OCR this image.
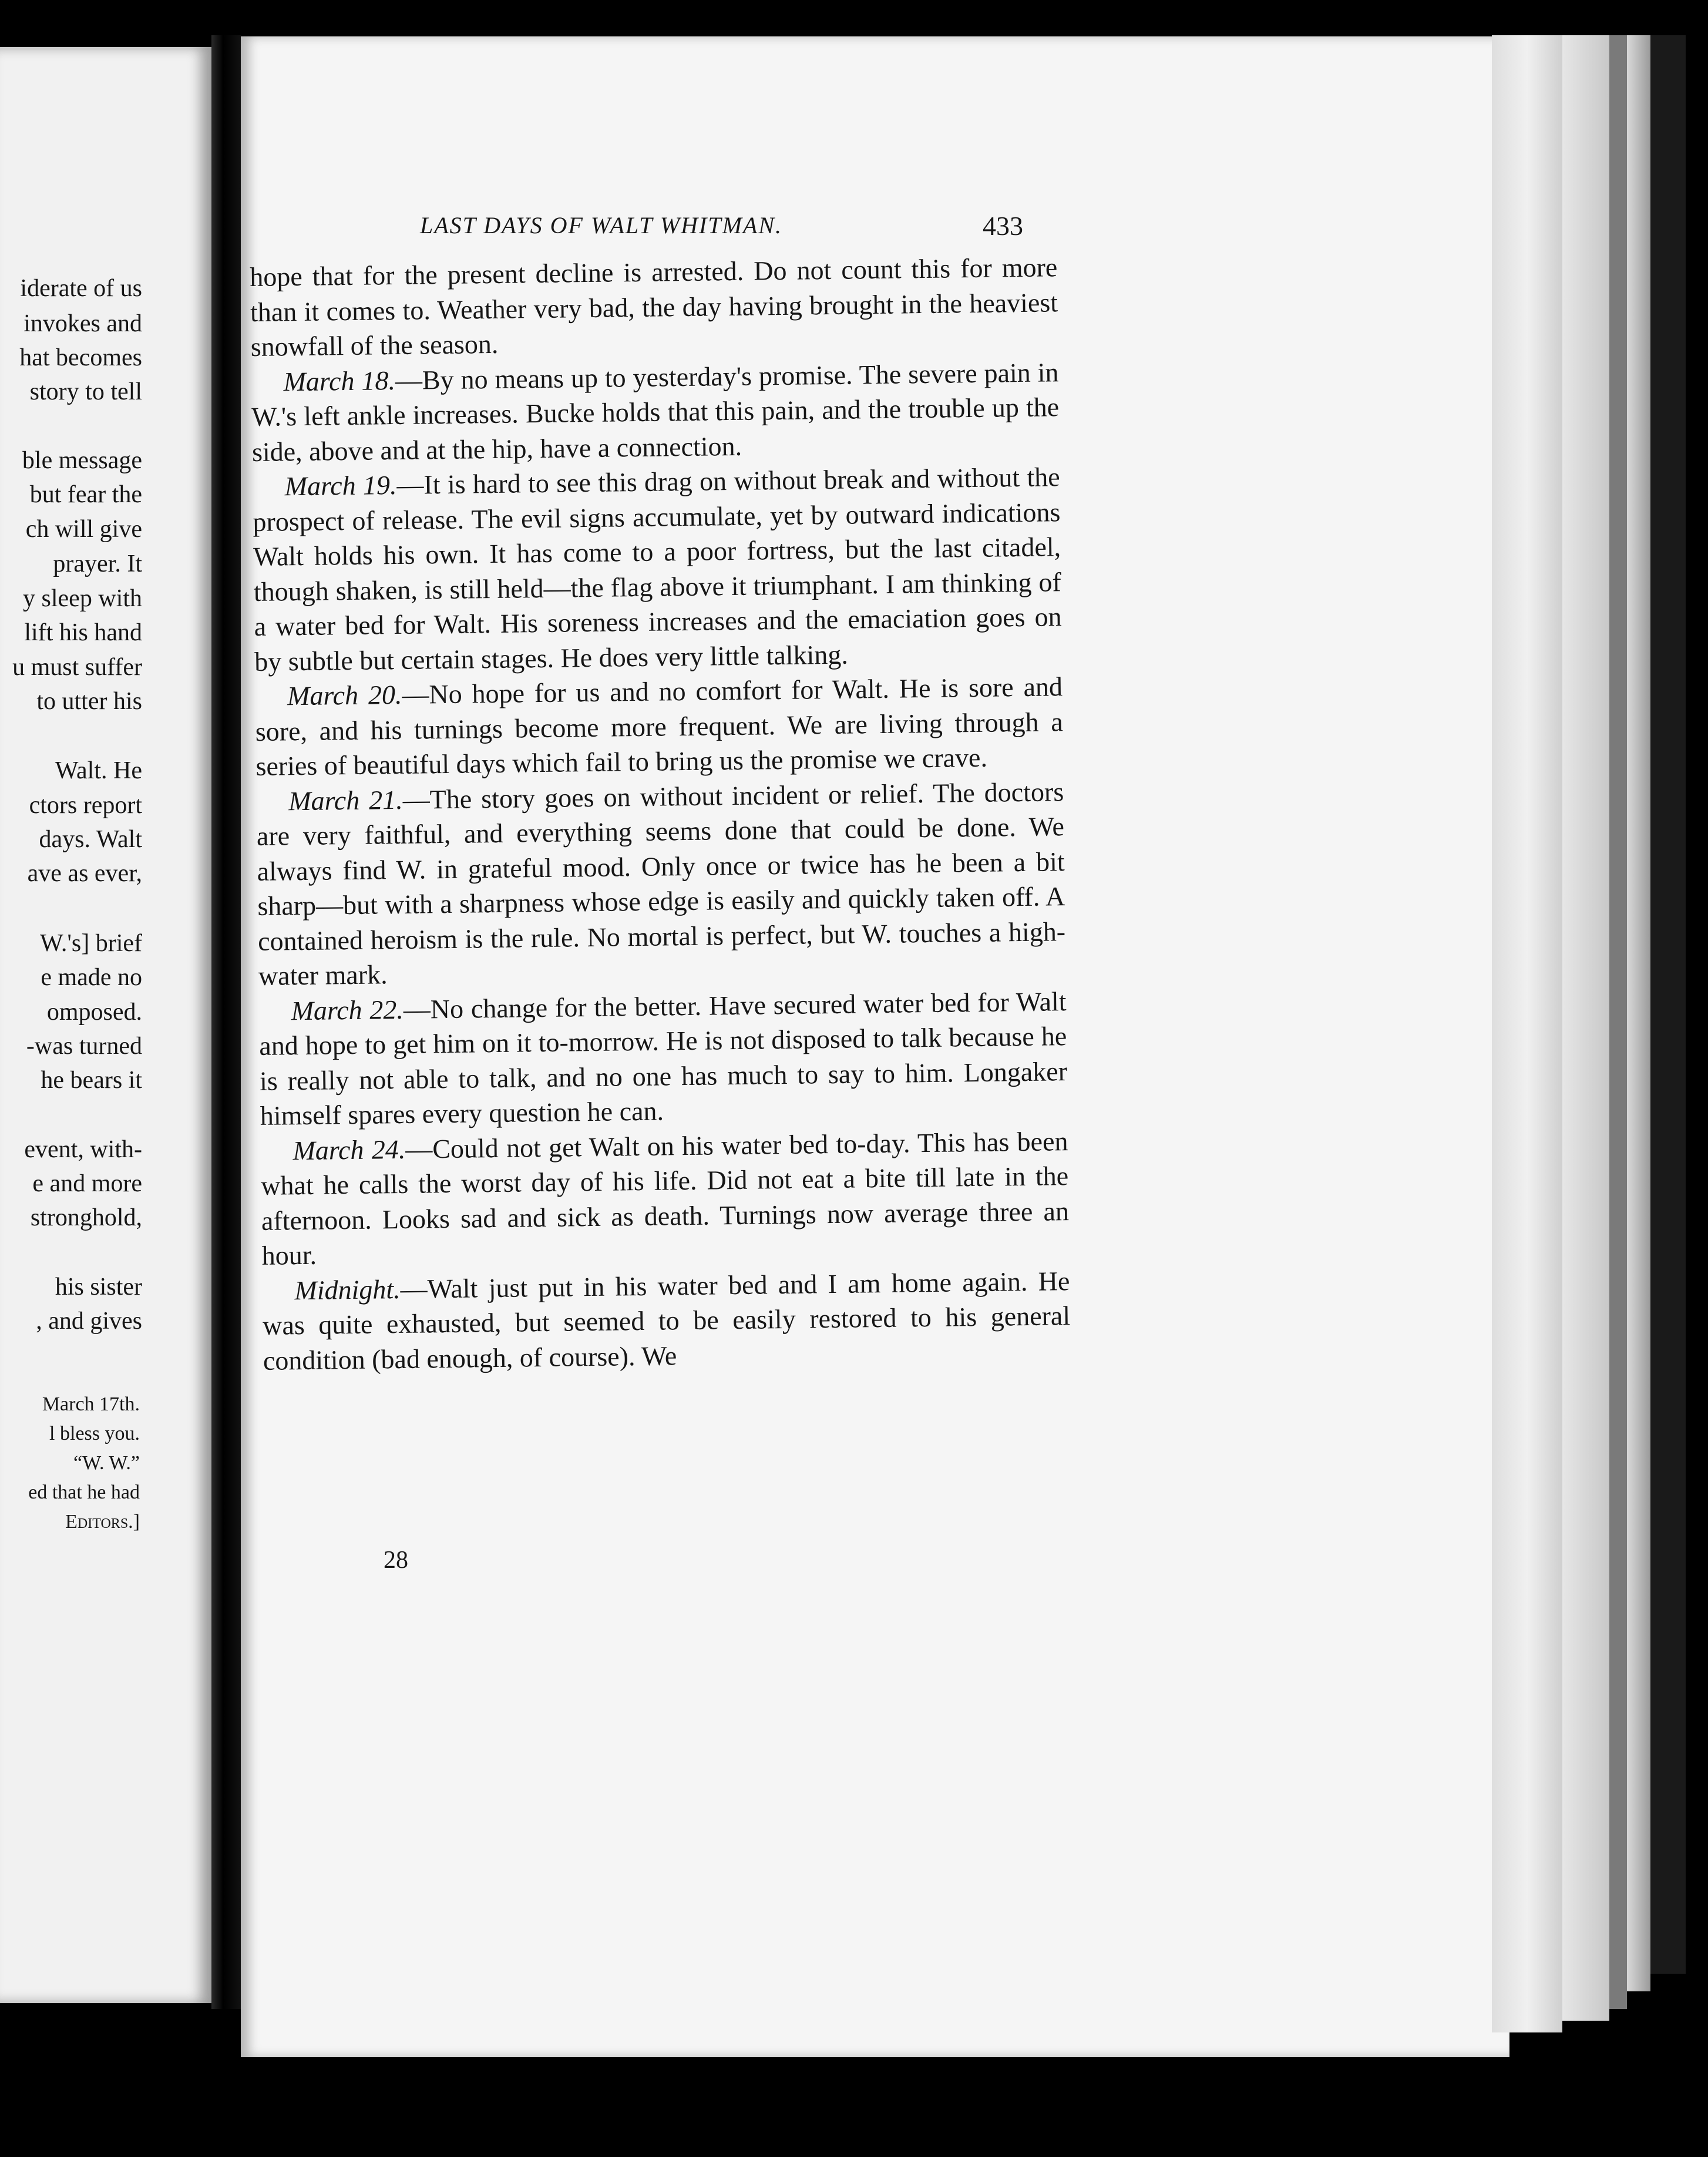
iderate of us
invokes and
hat becomes
story to tell
ble message
but fear the
ch will give
prayer. It
y sleep with
lift his hand
u must suffer
to utter his
Walt. He
ctors report
days. Walt
ave as ever,
W.'s] brief
e made no
omposed.
-was turned
he bears it
event, with-
e and more
stronghold,
his sister
, and gives
March 17th.
l bless you.
“W. W.”
ed that he had
Editors.]
LAST DAYS OF WALT WHITMAN.	433

hope that for the present decline is arrested. Do not count this for more than it comes to. Weather very bad, the day having brought in the heaviest snowfall of the season.

March 18.—By no means up to yesterday's promise. The severe pain in W.'s left ankle increases. Bucke holds that this pain, and the trouble up the side, above and at the hip, have a connection.

March 19.—It is hard to see this drag on without break and without the prospect of release. The evil signs accumulate, yet by outward indications Walt holds his own. It has come to a poor fortress, but the last citadel, though shaken, is still held—the flag above it triumphant. I am thinking of a water bed for Walt. His soreness increases and the emaciation goes on by subtle but certain stages. He does very little talking.

March 20.—No hope for us and no comfort for Walt. He is sore and sore, and his turnings become more frequent. We are living through a series of beautiful days which fail to bring us the promise we crave.

March 21.—The story goes on without incident or relief. The doctors are very faithful, and everything seems done that could be done. We always find W. in grateful mood. Only once or twice has he been a bit sharp—but with a sharpness whose edge is easily and quickly taken off. A contained heroism is the rule. No mortal is perfect, but W. touches a high-water mark.

March 22.—No change for the better. Have secured water bed for Walt and hope to get him on it to-morrow. He is not disposed to talk because he is really not able to talk, and no one has much to say to him. Longaker himself spares every question he can.

March 24.—Could not get Walt on his water bed to-day. This has been what he calls the worst day of his life. Did not eat a bite till late in the afternoon. Looks sad and sick as death. Turnings now average three an hour.

Midnight.—Walt just put in his water bed and I am home again. He was quite exhausted, but seemed to be easily restored to his general condition (bad enough, of course). We

28
